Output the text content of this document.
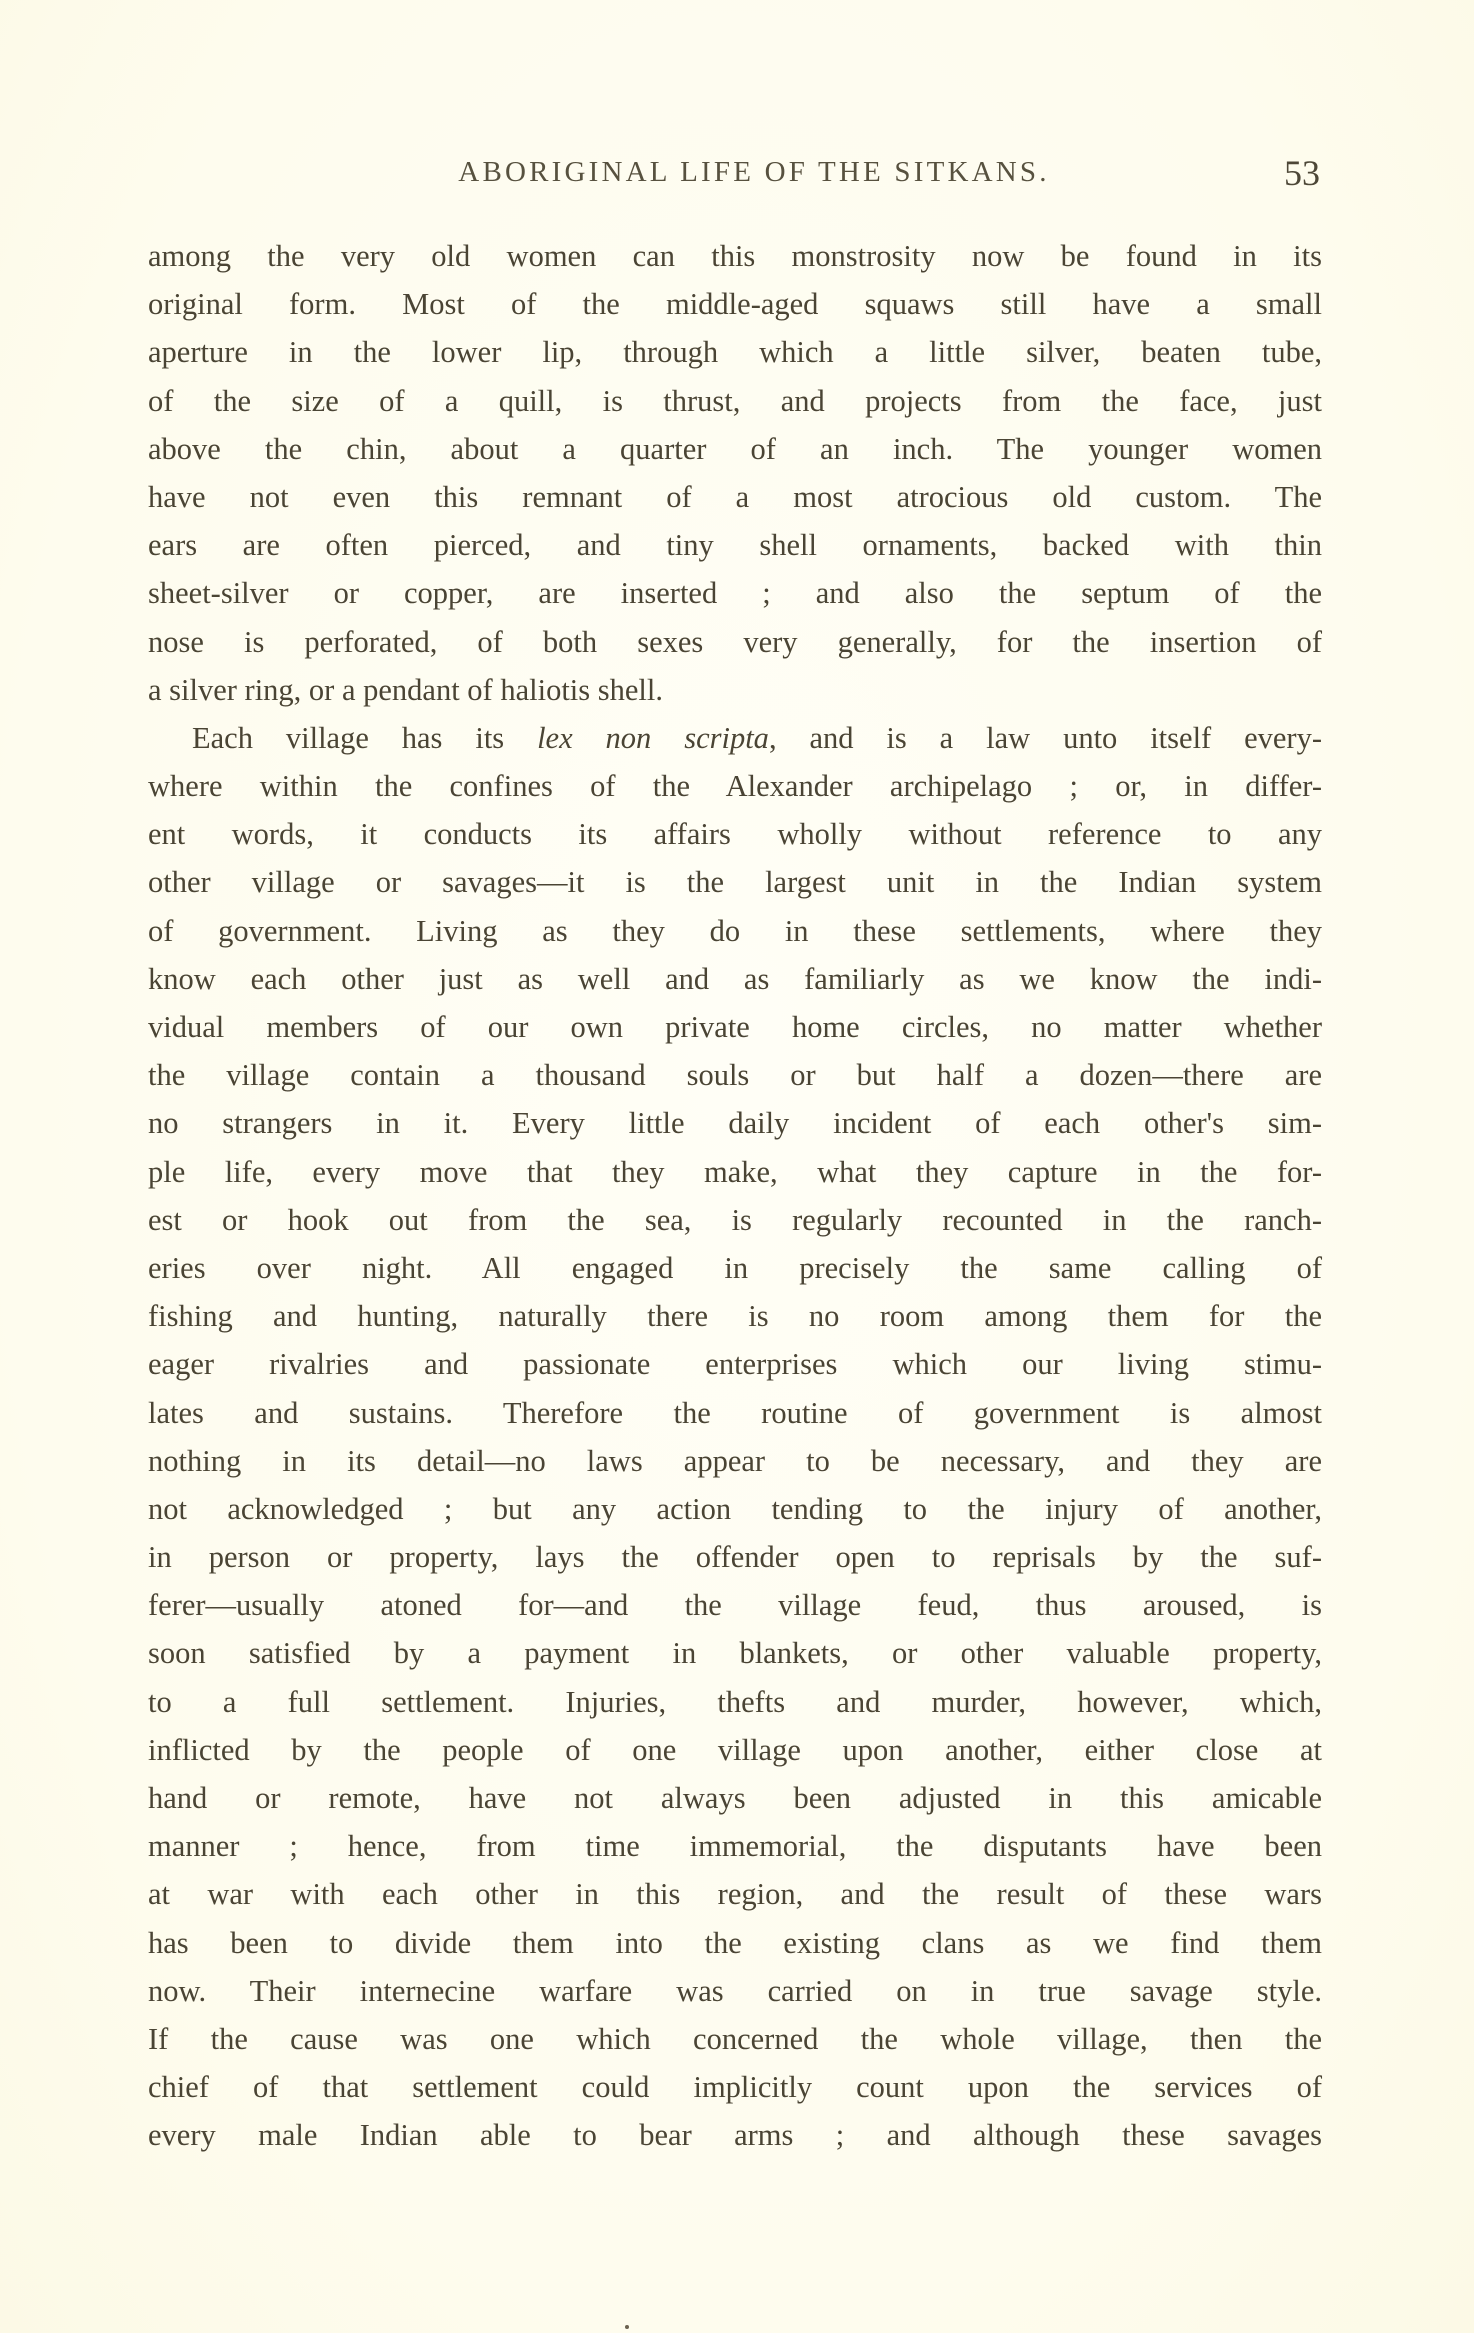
ABORIGINAL LIFE OF THE SITKANS.	53
among the very old women can this monstrosity now be found in its
original form. Most of the middle-aged squaws still have a small
aperture in the lower lip, through which a little silver, beaten tube,
of the size of a quill, is thrust, and projects from the face, just
above the chin, about a quarter of an inch. The younger women
have not even this remnant of a most atrocious old custom. The
ears are often pierced, and tiny shell ornaments, backed with thin
sheet-silver or copper, are inserted ; and also the septum of the
nose is perforated, of both sexes very generally, for the insertion of
a silver ring, or a pendant of haliotis shell.
Each village has its lex non scripta, and is a law unto itself every-
where within the confines of the Alexander archipelago ; or, in differ-
ent words, it conducts its affairs wholly without reference to any
other village or savages—it is the largest unit in the Indian system
of government. Living as they do in these settlements, where they
know each other just as well and as familiarly as we know the indi-
vidual members of our own private home circles, no matter whether
the village contain a thousand souls or but half a dozen—there are
no strangers in it. Every little daily incident of each other's sim-
ple life, every move that they make, what they capture in the for-
est or hook out from the sea, is regularly recounted in the ranch-
eries over night. All engaged in precisely the same calling of
fishing and hunting, naturally there is no room among them for the
eager rivalries and passionate enterprises which our living stimu-
lates and sustains. Therefore the routine of government is almost
nothing in its detail—no laws appear to be necessary, and they are
not acknowledged ; but any action tending to the injury of another,
in person or property, lays the offender open to reprisals by the suf-
ferer—usually atoned for—and the village feud, thus aroused, is
soon satisfied by a payment in blankets, or other valuable property,
to a full settlement. Injuries, thefts and murder, however, which,
inflicted by the people of one village upon another, either close at
hand or remote, have not always been adjusted in this amicable
manner ; hence, from time immemorial, the disputants have been
at war with each other in this region, and the result of these wars
has been to divide them into the existing clans as we find them
now. Their internecine warfare was carried on in true savage style.
If the cause was one which concerned the whole village, then the
chief of that settlement could implicitly count upon the services of
every male Indian able to bear arms ; and although these savages
